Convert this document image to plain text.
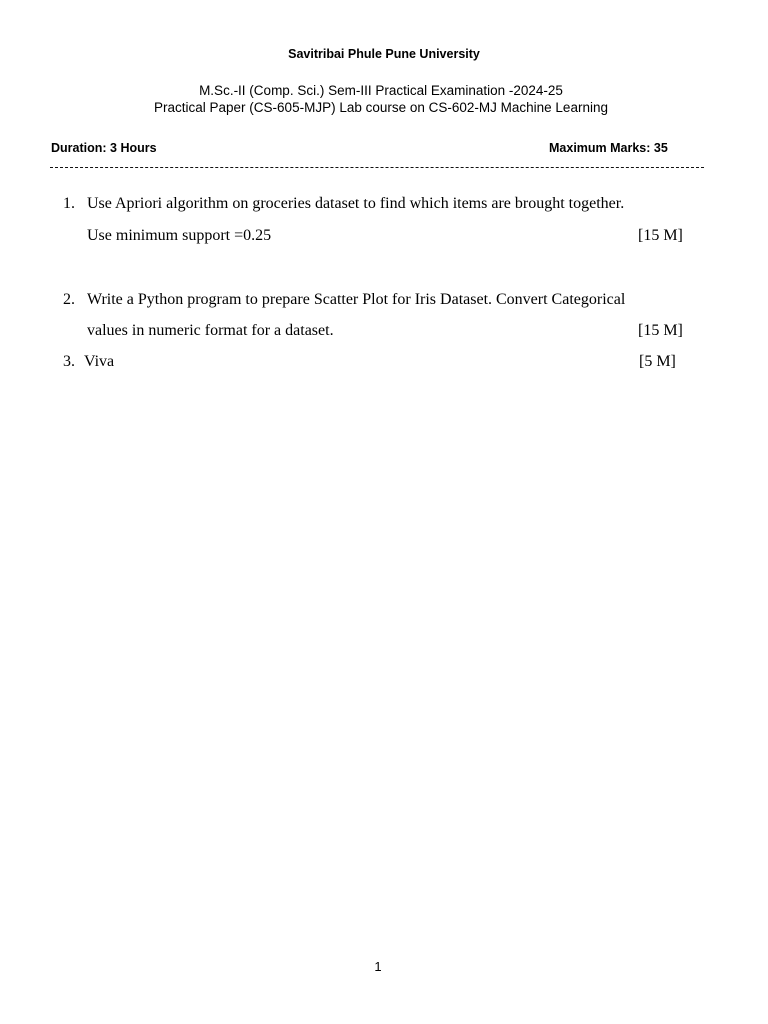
Savitribai Phule Pune University
M.Sc.-II (Comp. Sci.) Sem-III Practical Examination -2024-25
Practical Paper (CS-605-MJP) Lab course on CS-602-MJ Machine Learning
Duration: 3 Hours	Maximum Marks: 35
1. Use Apriori algorithm on groceries dataset to find which items are brought together.
Use minimum support =0.25	[15 M]
2. Write a Python program to prepare Scatter Plot for Iris Dataset. Convert Categorical
values in numeric format for a dataset.	[15 M]
3. Viva	[5 M]
1
